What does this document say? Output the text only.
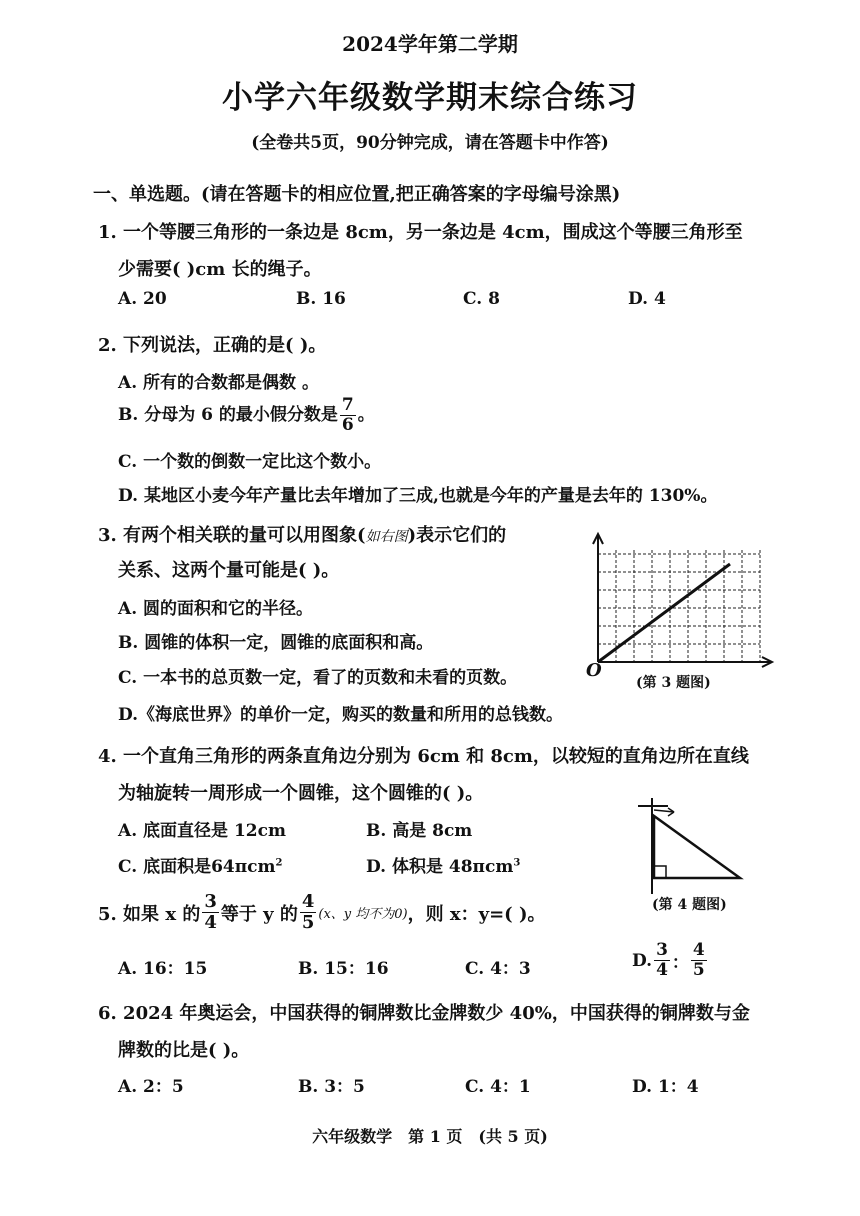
2024学年第二学期
小学六年级数学期末综合练习
(全卷共5页，90分钟完成，请在答题卡中作答)
一、单选题。(请在答题卡的相应位置,把正确答案的字母编号涂黑)
1. 一个等腰三角形的一条边是 8cm，另一条边是 4cm，围成这个等腰三角形至
少需要( )cm 长的绳子。
A. 20	B. 16	C. 8	D. 4
2. 下列说法，正确的是( )。
A. 所有的合数都是偶数 。
B. 分母为 6 的最小假分数是 $\frac{7}{6}$ 。
C. 一个数的倒数一定比这个数小。
D. 某地区小麦今年产量比去年增加了三成,也就是今年的产量是去年的 130%。
3. 有两个相关联的量可以用图象(如右图)表示它们的
关系、这两个量可能是( )。
A. 圆的面积和它的半径。
B. 圆锥的体积一定，圆锥的底面积和高。
C. 一本书的总页数一定，看了的页数和未看的页数。
D.《海底世界》的单价一定，购买的数量和所用的总钱数。
O
(第 3 题图)
4. 一个直角三角形的两条直角边分别为 6cm 和 8cm，以较短的直角边所在直线
为轴旋转一周形成一个圆锥，这个圆锥的( )。
A. 底面直径是 12cm	B. 高是 8cm
C. 底面积是64πcm$^2$	D. 体积是 48πcm$^3$
(第 4 题图)
5. 如果 x 的 $\frac{3}{4}$ 等于 y 的 $\frac{4}{5} (x$、y 均不为0) ，则 x：y=( )。
A. 16：15	B. 15：16	C. 4：3	D. $\frac{3}{4}$ ： $\frac{4}{5}$
6. 2024 年奥运会，中国获得的铜牌数比金牌数少 40%，中国获得的铜牌数与金
牌数的比是( )。
A. 2：5	B. 3：5	C. 4：1	D. 1：4
六年级数学　第 1 页　(共 5 页)
